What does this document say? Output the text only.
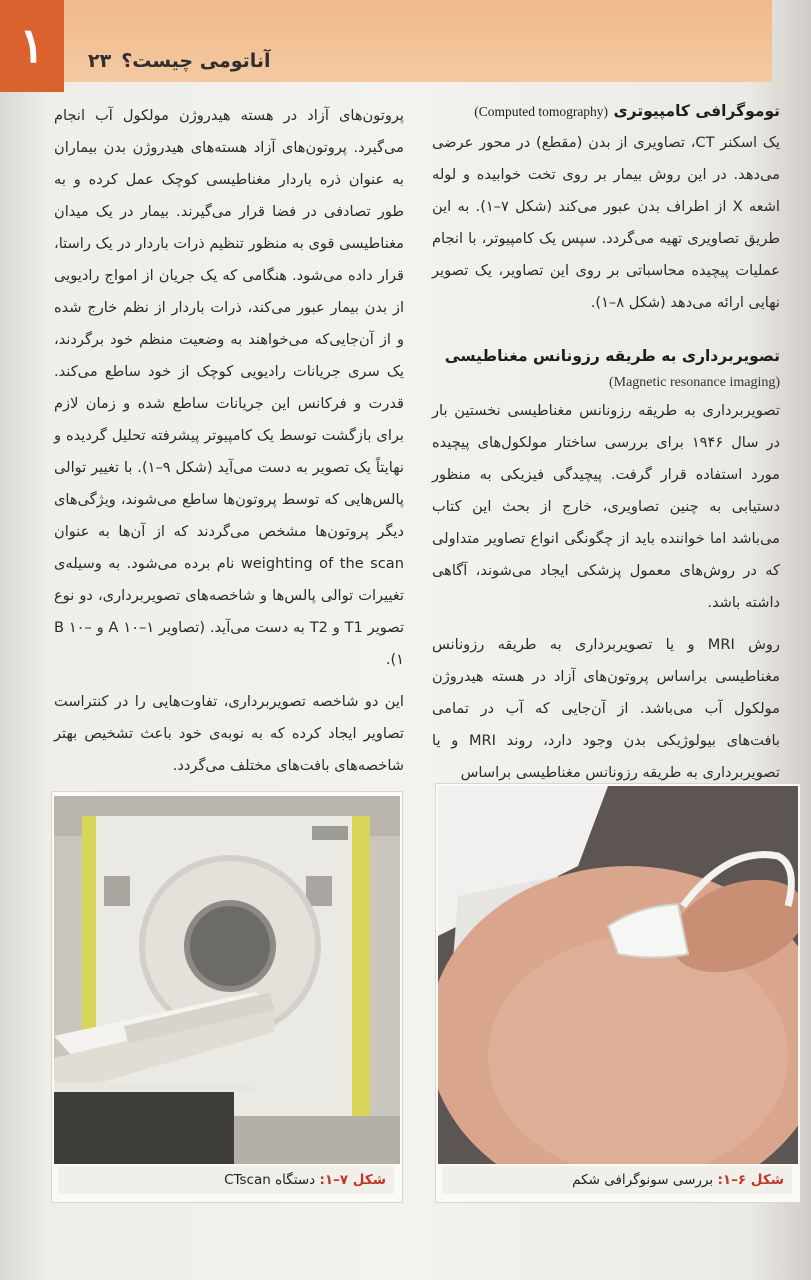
۱	آناتومی چیست؟
۲۳
توموگرافی کامپیوتری (Computed tomography)

یک اسکنر CT، تصاویری از بدن (مقطع) در محور عرضی می‌دهد. در این روش بیمار بر روی تخت خوابیده و لوله اشعه X از اطراف بدن عبور می‌کند (شکل ۷–۱). به این طریق تصاویری تهیه می‌گردد. سپس یک کامپیوتر، با انجام عملیات پیچیده محاسباتی بر روی این تصاویر، یک تصویر نهایی ارائه می‌دهد (شکل ۸–۱).

تصویربرداری به طریقه رزونانس مغناطیسی
(Magnetic resonance imaging)

تصویربرداری به طریقه رزونانس مغناطیسی نخستین بار در سال ۱۹۴۶ برای بررسی ساختار مولکول‌های پیچیده مورد استفاده قرار گرفت. پیچیدگی فیزیکی به منظور دستیابی به چنین تصاویری، خارج از بحث این کتاب می‌باشد اما خواننده باید از چگونگی انواع تصاویر متداولی که در روش‌های معمول پزشکی ایجاد می‌شوند، آگاهی داشته باشد.

روش MRI و یا تصویربرداری به طریقه رزونانس مغناطیسی براساس پروتون‌های آزاد در هسته هیدروژن مولکول آب می‌باشد. از آن‌جایی که آب در تمامی بافت‌های بیولوژیکی بدن وجود دارد، روند MRI و یا تصویربرداری به طریقه رزونانس مغناطیسی براساس

پروتون‌های آزاد در هسته هیدروژن مولکول آب انجام می‌گیرد. پروتون‌های آزاد هسته‌های هیدروژن بدن بیماران به عنوان ذره باردار مغناطیسی کوچک عمل کرده و به طور تصادفی در فضا قرار می‌گیرند. بیمار در یک میدان مغناطیسی قوی به منظور تنظیم ذرات باردار در یک راستا، قرار داده می‌شود. هنگامی که یک جریان از امواج رادیویی از بدن بیمار عبور می‌کند، ذرات باردار از نظم خارج شده و از آن‌جایی‌که می‌خواهند به وضعیت منظم خود برگردند، یک سری جریانات رادیویی کوچک از خود ساطع می‌کند. قدرت و فرکانس این جریانات ساطع شده و زمان لازم برای بازگشت توسط یک کامپیوتر پیشرفته تحلیل گردیده و نهایتاً یک تصویر به دست می‌آید (شکل ۹–۱). با تغییر توالی پالس‌هایی که توسط پروتون‌ها ساطع می‌شوند، ویژگی‌های دیگر پروتون‌ها مشخص می‌گردند که از آن‌ها به عنوان weighting of the scan نام برده می‌شود. به وسیله‌ی تغییرات توالی پالس‌ها و شاخصه‌های تصویربرداری، دو نوع تصویر T1 و T2 به دست می‌آید. (تصاویر A ۱۰–۱ و B ۱۰–۱).

این دو شاخصه تصویربرداری، تفاوت‌هایی را در کنتراست تصاویر ایجاد کرده که به نوبه‌ی خود باعث تشخیص بهتر شاخصه‌های بافت‌های مختلف می‌گردد.

شکل ۷–۱: دستگاه CTscan	شکل ۶–۱: بررسی سونوگرافی شکم
